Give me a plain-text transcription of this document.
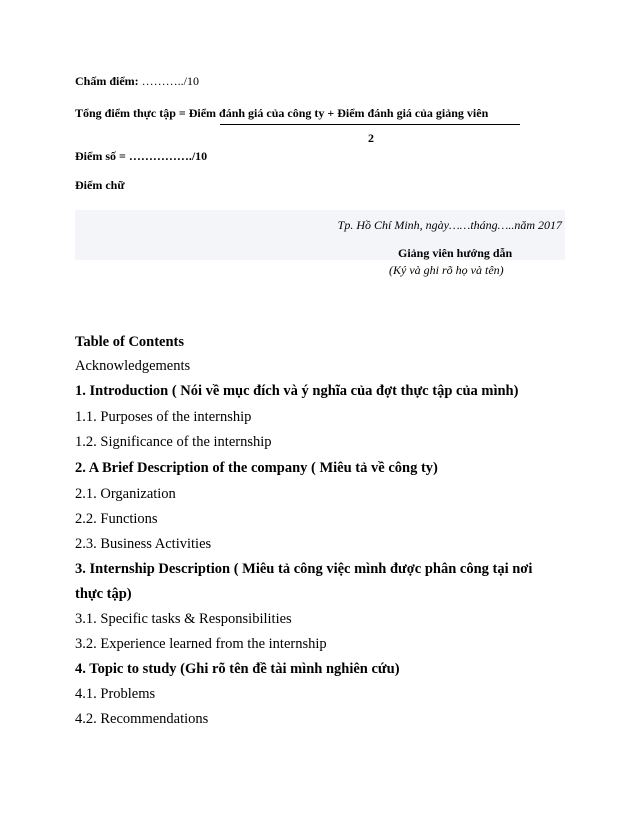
Chấm điểm: ………../10
Tổng điểm thực tập = Điểm đánh giá của công ty + Điểm đánh giá của giảng viên
2
Điểm số = ……………./10
Điểm chữ
Tp. Hồ Chí Minh, ngày……tháng…..năm 2017
Giảng viên hướng dẫn
(Ký và ghi rõ họ và tên)
Table of Contents
Acknowledgements
1. Introduction ( Nói về mục đích và ý nghĩa của đợt thực tập của mình)
1.1. Purposes of the internship
1.2. Significance of the internship
2. A Brief Description of the company ( Miêu tả về công ty)
2.1. Organization
2.2. Functions
2.3. Business Activities
3. Internship Description ( Miêu tả công việc mình được phân công tại nơi
thực tập)
3.1. Specific tasks & Responsibilities
3.2. Experience learned from the internship
4. Topic to study (Ghi rõ tên đề tài mình nghiên cứu)
4.1. Problems
4.2. Recommendations
